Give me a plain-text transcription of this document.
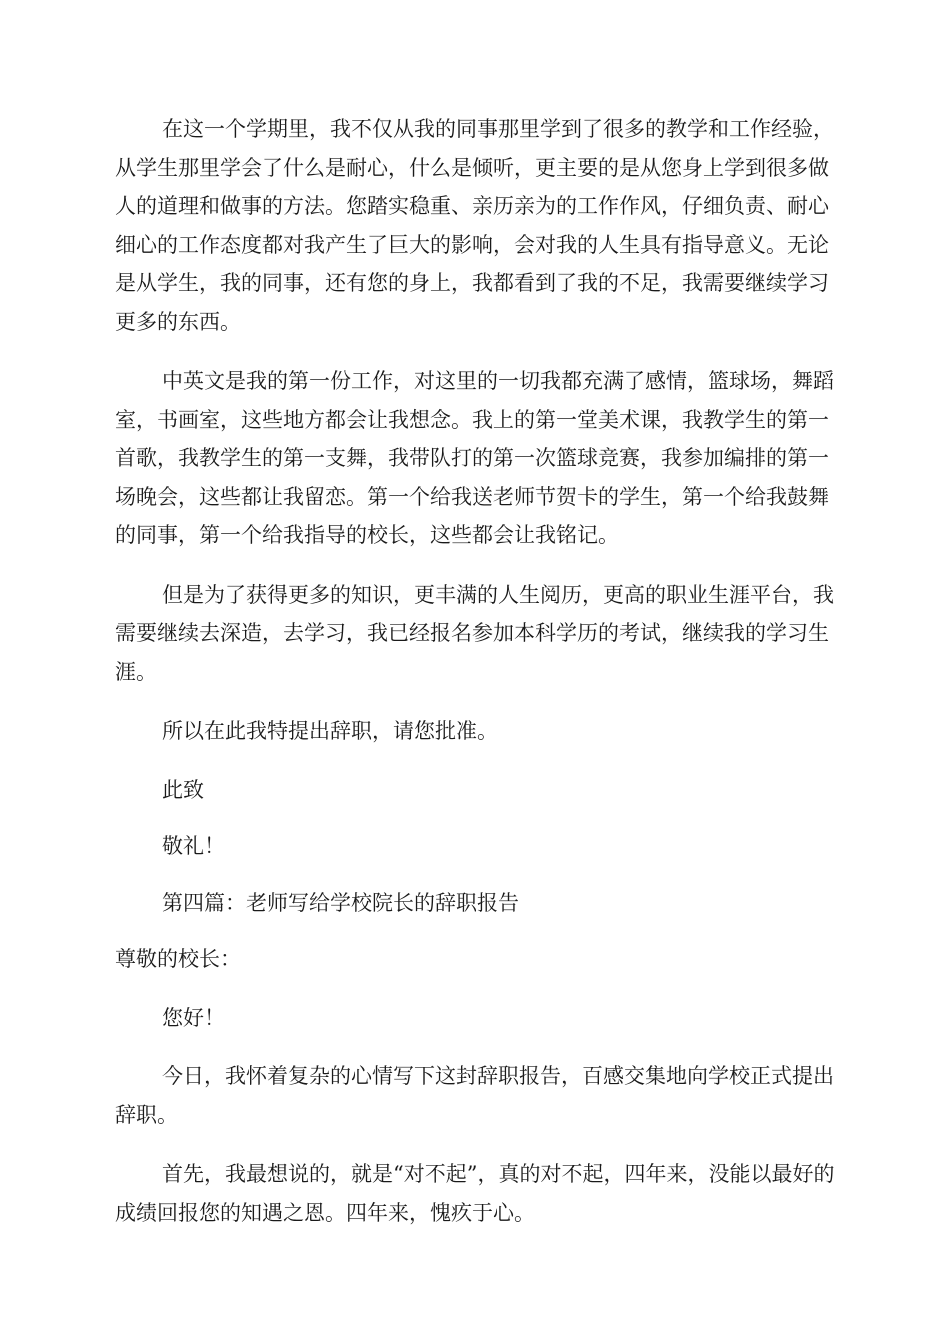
在这一个学期里，我不仅从我的同事那里学到了很多的教学和工作经验，从学生那里学会了什么是耐心，什么是倾听，更主要的是从您身上学到很多做人的道理和做事的方法。您踏实稳重、亲历亲为的工作作风，仔细负责、耐心细心的工作态度都对我产生了巨大的影响，会对我的人生具有指导意义。无论是从学生，我的同事，还有您的身上，我都看到了我的不足，我需要继续学习更多的东西。

中英文是我的第一份工作，对这里的一切我都充满了感情，篮球场，舞蹈室，书画室，这些地方都会让我想念。我上的第一堂美术课，我教学生的第一首歌，我教学生的第一支舞，我带队打的第一次篮球竞赛，我参加编排的第一场晚会，这些都让我留恋。第一个给我送老师节贺卡的学生，第一个给我鼓舞的同事，第一个给我指导的校长，这些都会让我铭记。

但是为了获得更多的知识，更丰满的人生阅历，更高的职业生涯平台，我需要继续去深造，去学习，我已经报名参加本科学历的考试，继续我的学习生涯。

所以在此我特提出辞职，请您批准。

此致

敬礼！

第四篇：老师写给学校院长的辞职报告

尊敬的校长：

您好！

今日，我怀着复杂的心情写下这封辞职报告，百感交集地向学校正式提出辞职。

首先，我最想说的，就是“对不起”，真的对不起，四年来，没能以最好的成绩回报您的知遇之恩。四年来，愧疚于心。
